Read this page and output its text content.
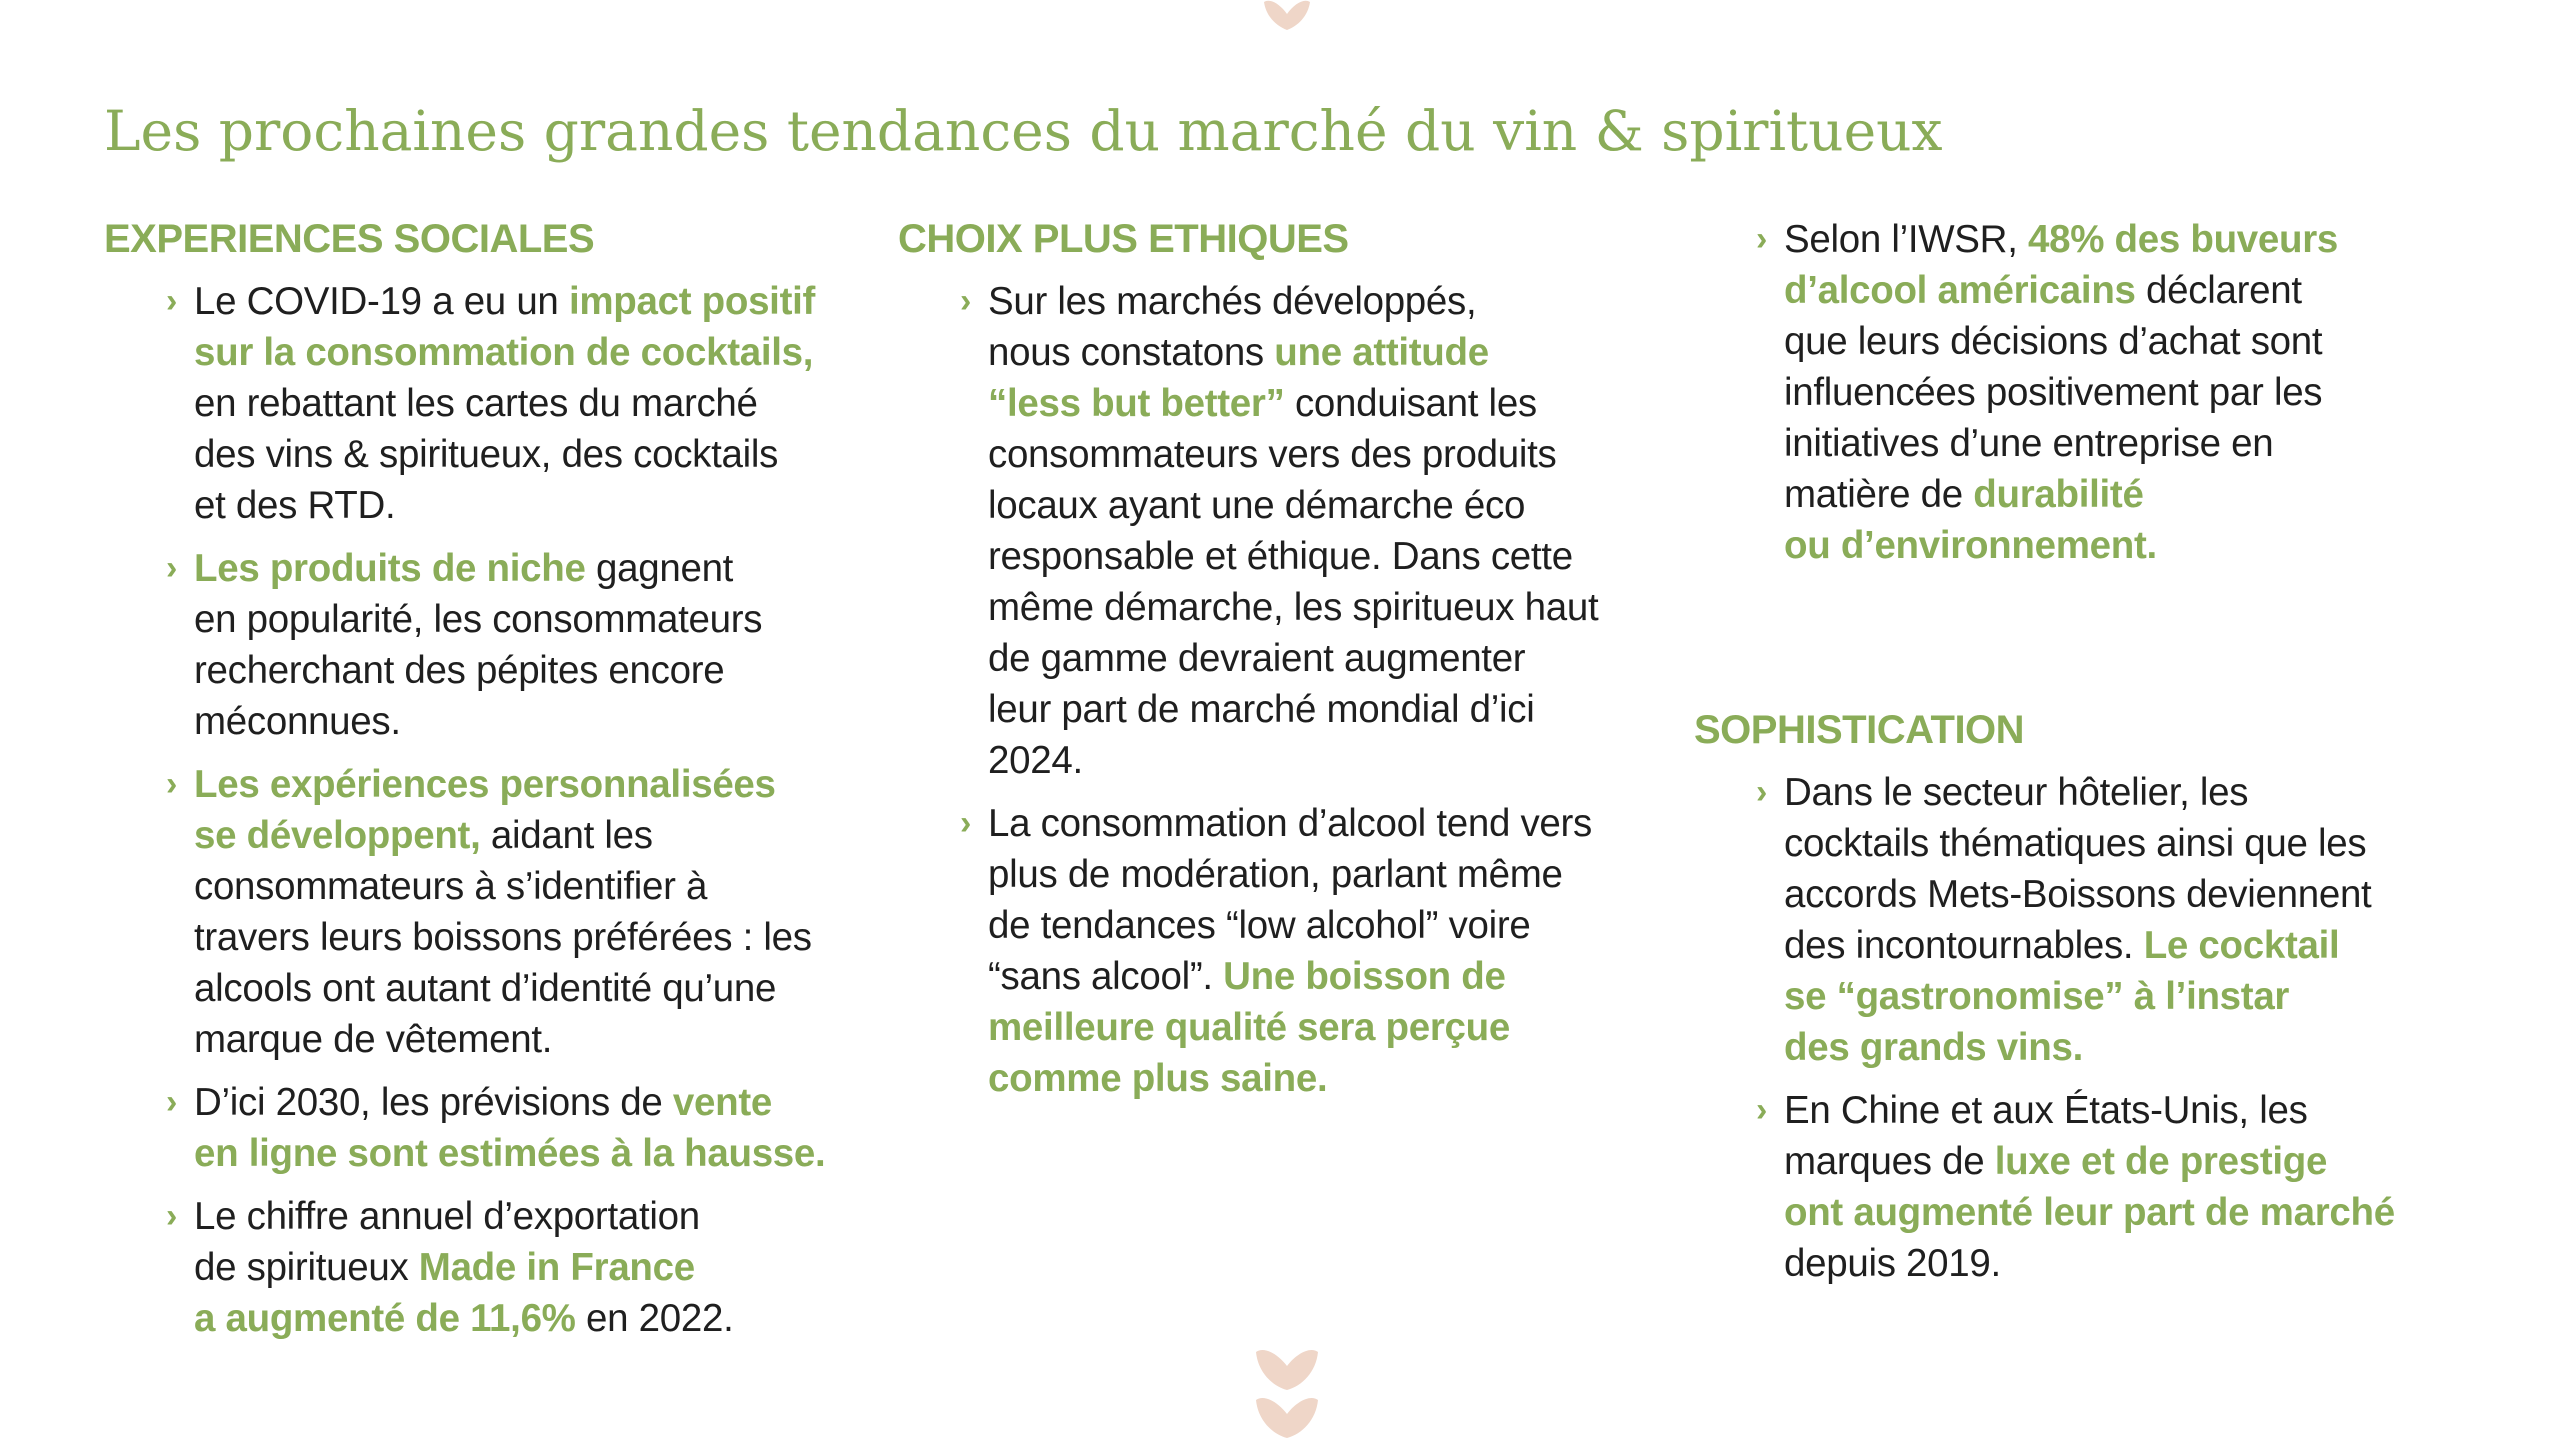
Les prochaines grandes tendances du marché du vin & spiritueux
EXPERIENCES SOCIALES
› Le COVID-19 a eu un impact positif
sur la consommation de cocktails,
en rebattant les cartes du marché
des vins & spiritueux, des cocktails
et des RTD.
› Les produits de niche gagnent
en popularité, les consommateurs
recherchant des pépites encore
méconnues.
› Les expériences personnalisées
se développent, aidant les
consommateurs à s’identifier à
travers leurs boissons préférées : les
alcools ont autant d’identité qu’une
marque de vêtement.
› D’ici 2030, les prévisions de vente
en ligne sont estimées à la hausse.
› Le chiffre annuel d’exportation
de spiritueux Made in France
a augmenté de 11,6% en 2022.
CHOIX PLUS ETHIQUES
› Sur les marchés développés,
nous constatons une attitude
“less but better” conduisant les
consommateurs vers des produits
locaux ayant une démarche éco
responsable et éthique. Dans cette
même démarche, les spiritueux haut
de gamme devraient augmenter
leur part de marché mondial d’ici
2024.
› La consommation d’alcool tend vers
plus de modération, parlant même
de tendances “low alcohol” voire
“sans alcool”. Une boisson de
meilleure qualité sera perçue
comme plus saine.
› Selon l’IWSR, 48% des buveurs
d’alcool américains déclarent
que leurs décisions d’achat sont
influencées positivement par les
initiatives d’une entreprise en
matière de durabilité
ou d’environnement.
SOPHISTICATION
› Dans le secteur hôtelier, les
cocktails thématiques ainsi que les
accords Mets-Boissons deviennent
des incontournables. Le cocktail
se “gastronomise” à l’instar
des grands vins.
› En Chine et aux États-Unis, les
marques de luxe et de prestige
ont augmenté leur part de marché
depuis 2019.
